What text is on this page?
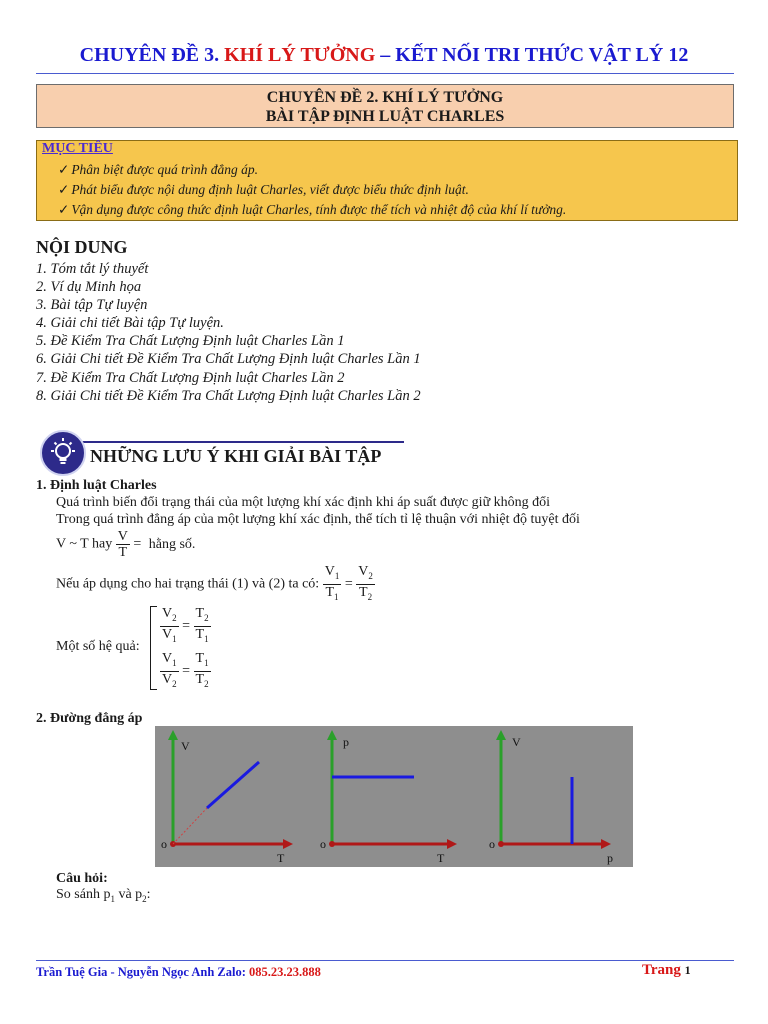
CHUYÊN ĐỀ 3. KHÍ LÝ TƯỞNG – KẾT NỐI TRI THỨC VẬT LÝ 12
CHUYÊN ĐỀ 2. KHÍ LÝ TƯỞNG
BÀI TẬP ĐỊNH LUẬT CHARLES
MỤC TIÊU
✓ Phân biệt được quá trình đẳng áp.
✓ Phát biểu được nội dung định luật Charles, viết được biểu thức định luật.
✓ Vận dụng được công thức định luật Charles, tính được thể tích và nhiệt độ của khí lí tưởng.
NỘI DUNG
1. Tóm tắt lý thuyết
2. Ví dụ Minh họa
3. Bài tập Tự luyện
4. Giải chi tiết Bài tập Tự luyện.
5. Đề Kiểm Tra Chất Lượng Định luật Charles Lần 1
6. Giải Chi tiết Đề Kiểm Tra Chất Lượng Định luật Charles Lần 1
7. Đề Kiểm Tra Chất Lượng Định luật Charles Lần 2
8. Giải Chi tiết Đề Kiểm Tra Chất Lượng Định luật Charles Lần 2
NHỮNG LƯU Ý KHI GIẢI BÀI TẬP
1. Định luật Charles
Quá trình biến đổi trạng thái của một lượng khí xác định khi áp suất được giữ không đổi
Trong quá trình đẳng áp của một lượng khí xác định, thể tích tỉ lệ thuận với nhiệt độ tuyệt đối
V ~ T hay $\frac{V}{T}$ = hằng số.
Nếu áp dụng cho hai trạng thái (1) và (2) ta có: $\frac{V_1}{T_1} = \frac{V_2}{T_2}$
Một số hệ quả: $\frac{V_2}{V_1} = \frac{T_2}{T_1}$
$\frac{V_1}{V_2} = \frac{T_1}{T_2}$
2. Đường đẳng áp
V
T
o
p
T
o
V
p
o
Câu hỏi:
So sánh $p_1$ và $p_2$:
Trần Tuệ Gia - Nguyễn Ngọc Anh Zalo: 085.23.23.888	Trang 1
